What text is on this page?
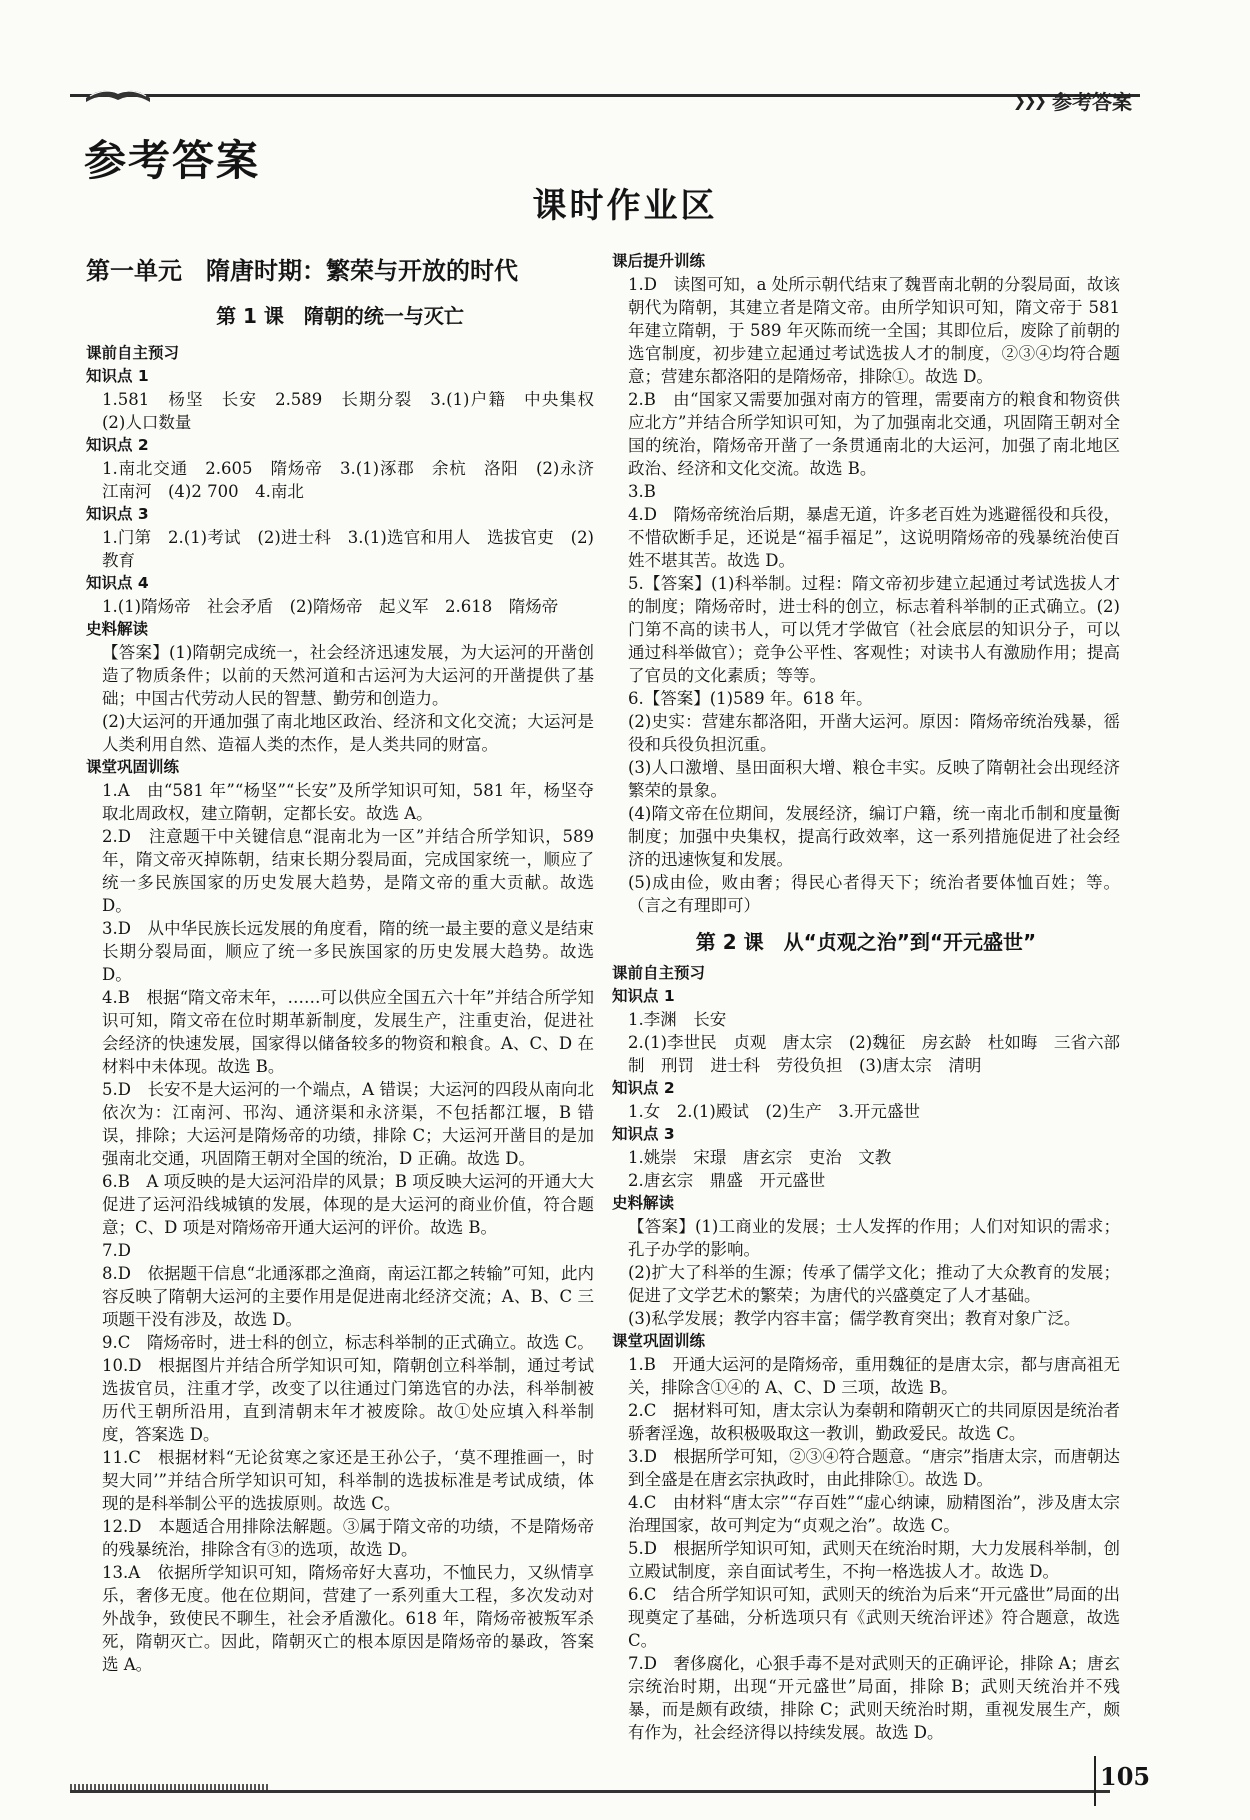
❯❯❯ 参考答案
参考答案
课时作业区

第一单元　隋唐时期：繁荣与开放的时代

第 1 课　隋朝的统一与灭亡

课前自主预习

知识点 1

1.581　杨坚　长安　2.589　长期分裂　3.(1)户籍　中央集权　(2)人口数量

知识点 2

1.南北交通　2.605　隋炀帝　3.(1)涿郡　余杭　洛阳　(2)永济　江南河　(4)2 700　4.南北

知识点 3

1.门第　2.(1)考试　(2)进士科　3.(1)选官和用人　选拔官吏　(2)教育

知识点 4

1.(1)隋炀帝　社会矛盾　(2)隋炀帝　起义军　2.618　隋炀帝

史料解读

【答案】(1)隋朝完成统一，社会经济迅速发展，为大运河的开凿创造了物质条件；以前的天然河道和古运河为大运河的开凿提供了基础；中国古代劳动人民的智慧、勤劳和创造力。

(2)大运河的开通加强了南北地区政治、经济和文化交流；大运河是人类利用自然、造福人类的杰作，是人类共同的财富。

课堂巩固训练

1.A　由“581 年”“杨坚”“长安”及所学知识可知，581 年，杨坚夺取北周政权，建立隋朝，定都长安。故选 A。

2.D　注意题干中关键信息“混南北为一区”并结合所学知识，589 年，隋文帝灭掉陈朝，结束长期分裂局面，完成国家统一，顺应了统一多民族国家的历史发展大趋势，是隋文帝的重大贡献。故选 D。

3.D　从中华民族长远发展的角度看，隋的统一最主要的意义是结束长期分裂局面，顺应了统一多民族国家的历史发展大趋势。故选 D。

4.B　根据“隋文帝末年，……可以供应全国五六十年”并结合所学知识可知，隋文帝在位时期革新制度，发展生产，注重吏治，促进社会经济的快速发展，国家得以储备较多的物资和粮食。A、C、D 在材料中未体现。故选 B。

5.D　长安不是大运河的一个端点，A 错误；大运河的四段从南向北依次为：江南河、邗沟、通济渠和永济渠，不包括都江堰，B 错误，排除；大运河是隋炀帝的功绩，排除 C；大运河开凿目的是加强南北交通，巩固隋王朝对全国的统治，D 正确。故选 D。

6.B　A 项反映的是大运河沿岸的风景；B 项反映大运河的开通大大促进了运河沿线城镇的发展，体现的是大运河的商业价值，符合题意；C、D 项是对隋炀帝开通大运河的评价。故选 B。

7.D

8.D　依据题干信息“北通涿郡之渔商，南运江都之转输”可知，此内容反映了隋朝大运河的主要作用是促进南北经济交流；A、B、C 三项题干没有涉及，故选 D。

9.C　隋炀帝时，进士科的创立，标志科举制的正式确立。故选 C。

10.D　根据图片并结合所学知识可知，隋朝创立科举制，通过考试选拔官员，注重才学，改变了以往通过门第选官的办法，科举制被历代王朝所沿用，直到清朝末年才被废除。故①处应填入科举制度，答案选 D。

11.C　根据材料“无论贫寒之家还是王孙公子，‘莫不理推画一，时契大同’”并结合所学知识可知，科举制的选拔标准是考试成绩，体现的是科举制公平的选拔原则。故选 C。

12.D　本题适合用排除法解题。③属于隋文帝的功绩，不是隋炀帝的残暴统治，排除含有③的选项，故选 D。

13.A　依据所学知识可知，隋炀帝好大喜功，不恤民力，又纵情享乐，奢侈无度。他在位期间，营建了一系列重大工程，多次发动对外战争，致使民不聊生，社会矛盾激化。618 年，隋炀帝被叛军杀死，隋朝灭亡。因此，隋朝灭亡的根本原因是隋炀帝的暴政，答案选 A。

课后提升训练

1.D　读图可知，a 处所示朝代结束了魏晋南北朝的分裂局面，故该朝代为隋朝，其建立者是隋文帝。由所学知识可知，隋文帝于 581 年建立隋朝，于 589 年灭陈而统一全国；其即位后，废除了前朝的选官制度，初步建立起通过考试选拔人才的制度，②③④均符合题意；营建东都洛阳的是隋炀帝，排除①。故选 D。

2.B　由“国家又需要加强对南方的管理，需要南方的粮食和物资供应北方”并结合所学知识可知，为了加强南北交通，巩固隋王朝对全国的统治，隋炀帝开凿了一条贯通南北的大运河，加强了南北地区政治、经济和文化交流。故选 B。

3.B

4.D　隋炀帝统治后期，暴虐无道，许多老百姓为逃避徭役和兵役，不惜砍断手足，还说是“福手福足”，这说明隋炀帝的残暴统治使百姓不堪其苦。故选 D。

5.【答案】(1)科举制。过程：隋文帝初步建立起通过考试选拔人才的制度；隋炀帝时，进士科的创立，标志着科举制的正式确立。(2)门第不高的读书人，可以凭才学做官（社会底层的知识分子，可以通过科举做官）；竞争公平性、客观性；对读书人有激励作用；提高了官员的文化素质；等等。

6.【答案】(1)589 年。618 年。

(2)史实：营建东都洛阳，开凿大运河。原因：隋炀帝统治残暴，徭役和兵役负担沉重。

(3)人口激增、垦田面积大增、粮仓丰实。反映了隋朝社会出现经济繁荣的景象。

(4)隋文帝在位期间，发展经济，编订户籍，统一南北币制和度量衡制度；加强中央集权，提高行政效率，这一系列措施促进了社会经济的迅速恢复和发展。

(5)成由俭，败由奢；得民心者得天下；统治者要体恤百姓；等。（言之有理即可）

第 2 课　从“贞观之治”到“开元盛世”

课前自主预习

知识点 1

1.李渊　长安

2.(1)李世民　贞观　唐太宗　(2)魏征　房玄龄　杜如晦　三省六部制　刑罚　进士科　劳役负担　(3)唐太宗　清明

知识点 2

1.女　2.(1)殿试　(2)生产　3.开元盛世

知识点 3

1.姚崇　宋璟　唐玄宗　吏治　文教

2.唐玄宗　鼎盛　开元盛世

史料解读

【答案】(1)工商业的发展；士人发挥的作用；人们对知识的需求；孔子办学的影响。

(2)扩大了科举的生源；传承了儒学文化；推动了大众教育的发展；促进了文学艺术的繁荣；为唐代的兴盛奠定了人才基础。

(3)私学发展；教学内容丰富；儒学教育突出；教育对象广泛。

课堂巩固训练

1.B　开通大运河的是隋炀帝，重用魏征的是唐太宗，都与唐高祖无关，排除含①④的 A、C、D 三项，故选 B。

2.C　据材料可知，唐太宗认为秦朝和隋朝灭亡的共同原因是统治者骄奢淫逸，故积极吸取这一教训，勤政爱民。故选 C。

3.D　根据所学可知，②③④符合题意。“唐宗”指唐太宗，而唐朝达到全盛是在唐玄宗执政时，由此排除①。故选 D。

4.C　由材料“唐太宗”“存百姓”“虚心纳谏，励精图治”，涉及唐太宗治理国家，故可判定为“贞观之治”。故选 C。

5.D　根据所学知识可知，武则天在统治时期，大力发展科举制，创立殿试制度，亲自面试考生，不拘一格选拔人才。故选 D。

6.C　结合所学知识可知，武则天的统治为后来“开元盛世”局面的出现奠定了基础，分析选项只有《武则天统治评述》符合题意，故选 C。

7.D　奢侈腐化，心狠手毒不是对武则天的正确评论，排除 A；唐玄宗统治时期，出现“开元盛世”局面，排除 B；武则天统治并不残暴，而是颇有政绩，排除 C；武则天统治时期，重视发展生产，颇有作为，社会经济得以持续发展。故选 D。

105
